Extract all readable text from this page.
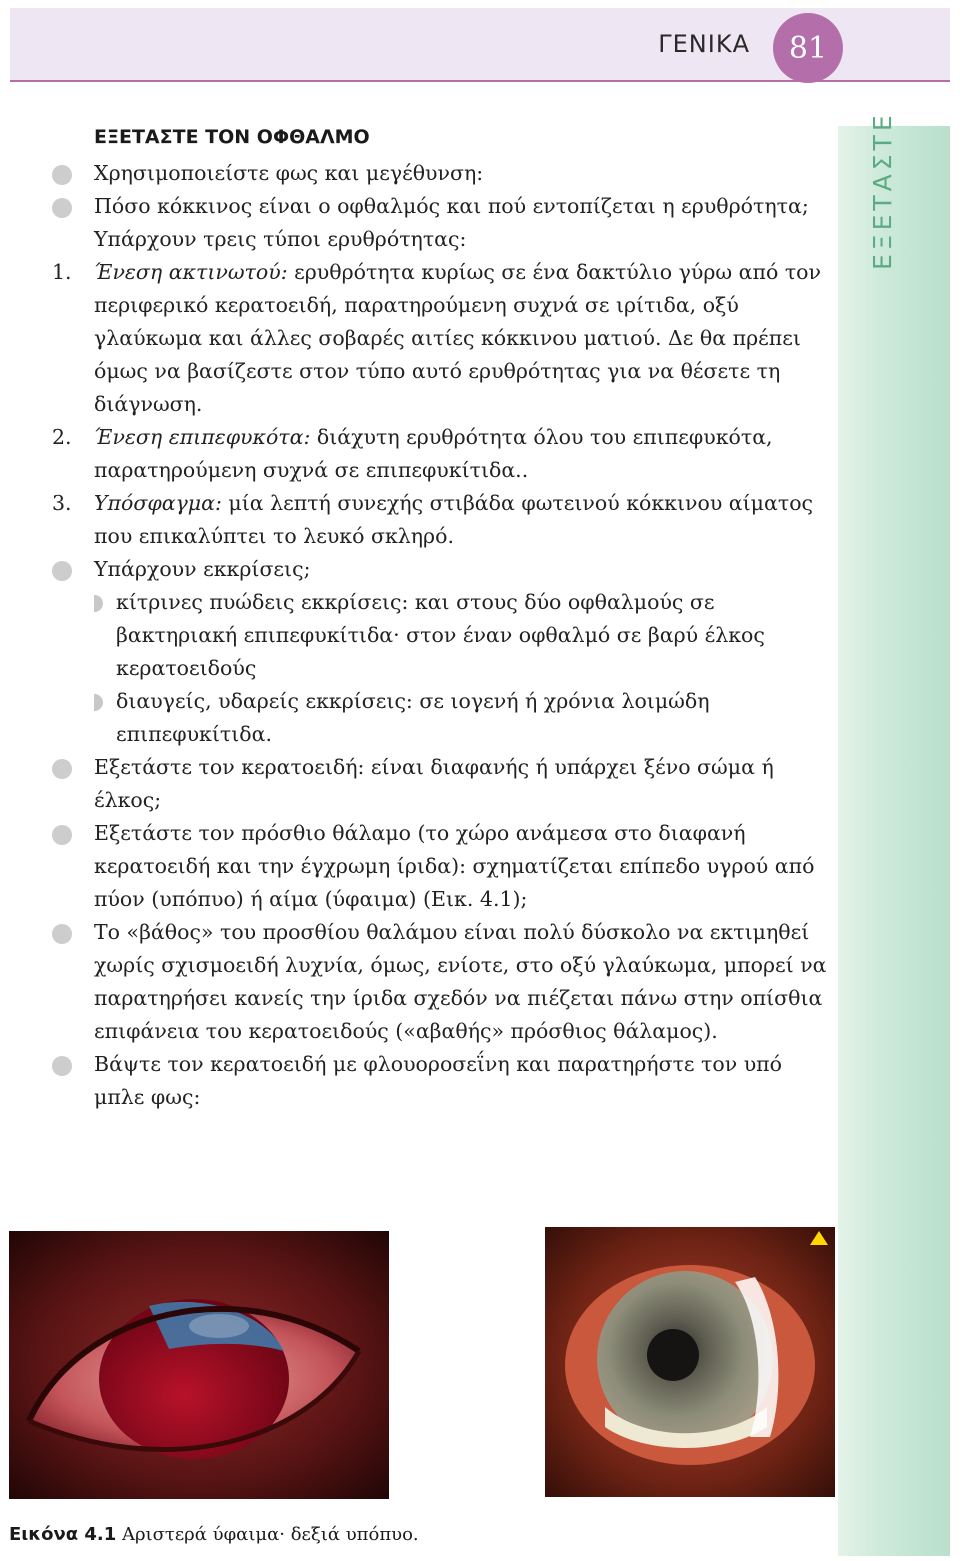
ΓΕΝΙΚΑ	81
ΕΞΕΤΑΣΤΕ
ΕΞΕΤΑΣΤΕ ΤΟΝ ΟΦΘΑΛΜΟ
Χρησιμοποιείστε φως και μεγέθυνση:
Πόσο κόκκινος είναι ο οφθαλμός και πού εντοπίζεται η ερυθρότητα; Υπάρχουν τρεις τύποι ερυθρότητας:
1.	Ένεση ακτινωτού: ερυθρότητα κυρίως σε ένα δακτύλιο γύρω από τον περιφερικό κερατοειδή, παρατηρούμενη συχνά σε ιρίτιδα, οξύ γλαύκωμα και άλλες σοβαρές αιτίες κόκκινου ματιού. Δε θα πρέπει όμως να βασίζεστε στον τύπο αυτό ερυθρότητας για να θέσετε τη διάγνωση.
2.	Ένεση επιπεφυκότα: διάχυτη ερυθρότητα όλου του επιπεφυκότα, παρατηρούμενη συχνά σε επιπεφυκίτιδα..
3.	Υπόσφαγμα: μία λεπτή συνεχής στιβάδα φωτεινού κόκκινου αίματος που επικαλύπτει το λευκό σκληρό.
Υπάρχουν εκκρίσεις;
κίτρινες πυώδεις εκκρίσεις: και στους δύο οφθαλμούς σε βακτηριακή επιπεφυκίτιδα· στον έναν οφθαλμό σε βαρύ έλκος κερατοειδούς
διαυγείς, υδαρείς εκκρίσεις: σε ιογενή ή χρόνια λοιμώδη επιπεφυκίτιδα.
Εξετάστε τον κερατοειδή: είναι διαφανής ή υπάρχει ξένο σώμα ή έλκος;
Εξετάστε τον πρόσθιο θάλαμο (το χώρο ανάμεσα στο διαφανή κερατοειδή και την έγχρωμη ίριδα): σχηματίζεται επίπεδο υγρού από πύον (υπόπυο) ή αίμα (ύφαιμα) (Εικ. 4.1);
Το «βάθος» του προσθίου θαλάμου είναι πολύ δύσκολο να εκτιμηθεί χωρίς σχισμοειδή λυχνία, όμως, ενίοτε, στο οξύ γλαύκωμα, μπορεί να παρατηρήσει κανείς την ίριδα σχεδόν να πιέζεται πάνω στην οπίσθια επιφάνεια του κερατοειδούς («αβαθής» πρόσθιος θάλαμος).
Βάψτε τον κερατοειδή με φλουοροσεΐνη και παρατηρήστε τον υπό μπλε φως:
Εικόνα 4.1 Αριστερά ύφαιμα· δεξιά υπόπυο.
